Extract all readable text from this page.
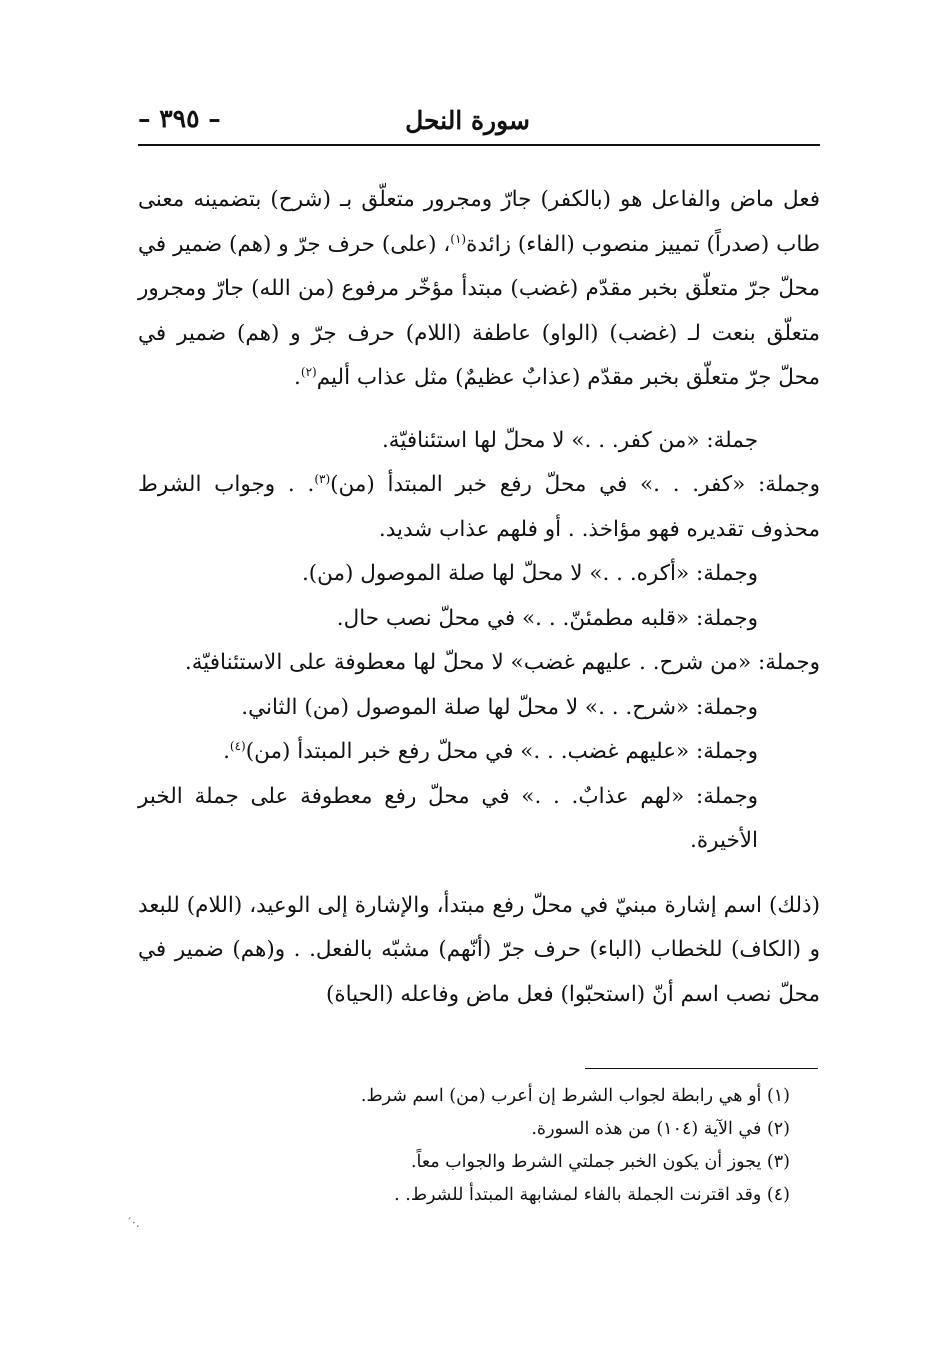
سورة النحل
– ٣٩٥ –

فعل ماض والفاعل هو (بالكفر) جارّ ومجرور متعلّق بـ (شرح) بتضمينه معنى طاب (صدراً) تمييز منصوب (الفاء) زائدة$^{(١)}$، (على) حرف جرّ و (هم) ضمير في محلّ جرّ متعلّق بخبر مقدّم (غضب) مبتدأ مؤخّر مرفوع (من الله) جارّ ومجرور متعلّق بنعت لـ (غضب) (الواو) عاطفة (اللام) حرف جرّ و (هم) ضمير في محلّ جرّ متعلّق بخبر مقدّم (عذابٌ عظيمٌ) مثل عذاب أليم$^{(٢)}$.

جملة: «من كفر. . .» لا محلّ لها استئنافيّة.

وجملة: «كفر. . .» في محلّ رفع خبر المبتدأ (من)$^{(٣)}$. . وجواب الشرط محذوف تقديره فهو مؤاخذ. . أو فلهم عذاب شديد.

وجملة: «أكره. . .» لا محلّ لها صلة الموصول (من).

وجملة: «قلبه مطمئنّ. . .» في محلّ نصب حال.

وجملة: «من شرح. . عليهم غضب» لا محلّ لها معطوفة على الاستئنافيّة.

وجملة: «شرح. . .» لا محلّ لها صلة الموصول (من) الثاني.

وجملة: «عليهم غضب. . .» في محلّ رفع خبر المبتدأ (من)$^{(٤)}$.

وجملة: «لهم عذابٌ. . .» في محلّ رفع معطوفة على جملة الخبر الأخيرة.

(ذلك) اسم إشارة مبنيّ في محلّ رفع مبتدأ، والإشارة إلى الوعيد، (اللام) للبعد و (الكاف) للخطاب (الباء) حرف جرّ (أنّهم) مشبّه بالفعل. . و(هم) ضمير في محلّ نصب اسم أنّ (استحبّوا) فعل ماض وفاعله (الحياة)

(١) أو هي رابطة لجواب الشرط إن أعرب (من) اسم شرط.

(٢) في الآية (١٠٤) من هذه السورة.

(٣) يجوز أن يكون الخبر جملتي الشرط والجواب معاً.

(٤) وقد اقترنت الجملة بالفاء لمشابهة المبتدأ للشرط. .

.·´
